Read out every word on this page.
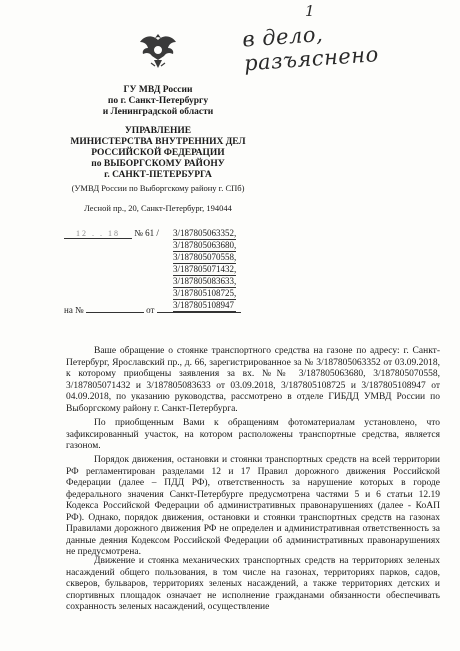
1
в дело, разъяснено
ГУ МВД России
по г. Санкт-Петербургу
и Ленинградской области
УПРАВЛЕНИЕ
МИНИСТЕРСТВА ВНУТРЕННИХ ДЕЛ
РОССИЙСКОЙ ФЕДЕРАЦИИ
по ВЫБОРГСКОМУ РАЙОНУ
г. САНКТ-ПЕТЕРБУРГА
(УМВД России по Выборгскому району г. СПб)
Лесной пр., 20, Санкт-Петербург, 194044
12 . . 18 № 61 / 3/187805063352,
3/187805063680,
3/187805070558,
3/187805071432,
3/187805083633,
3/187805108725,
3/187805108947
на №	от

Ваше обращение о стоянке транспортного средства на газоне по адресу: г. Санкт-Петербург, Ярославский пр., д. 66, зарегистрированное за № 3/187805063352 от 03.09.2018, к которому приобщены заявления за вх. №№ 3/187805063680, 3/187805070558, 3/187805071432 и 3/187805083633 от 03.09.2018, 3/187805108725 и 3/187805108947 от 04.09.2018, по указанию руководства, рассмотрено в отделе ГИБДД УМВД России по Выборгскому району г. Санкт-Петербурга.

По приобщенным Вами к обращениям фотоматериалам установлено, что зафиксированный участок, на котором расположены транспортные средства, является газоном.

Порядок движения, остановки и стоянки транспортных средств на всей территории РФ регламентирован разделами 12 и 17 Правил дорожного движения Российской Федерации (далее – ПДД РФ), ответственность за нарушение которых в городе федерального значения Санкт-Петербурге предусмотрена частями 5 и 6 статьи 12.19 Кодекса Российской Федерации об административных правонарушениях (далее - КоАП РФ). Однако, порядок движения, остановки и стоянки транспортных средств на газонах Правилами дорожного движения РФ не определен и административная ответственность за данные деяния Кодексом Российской Федерации об административных правонарушениях не предусмотрена.

Движение и стоянка механических транспортных средств на территориях зеленых насаждений общего пользования, в том числе на газонах, территориях парков, садов, скверов, бульваров, территориях зеленых насаждений, а также территориях детских и спортивных площадок означает не исполнение гражданами обязанности обеспечивать сохранность зеленых насаждений, осуществление
